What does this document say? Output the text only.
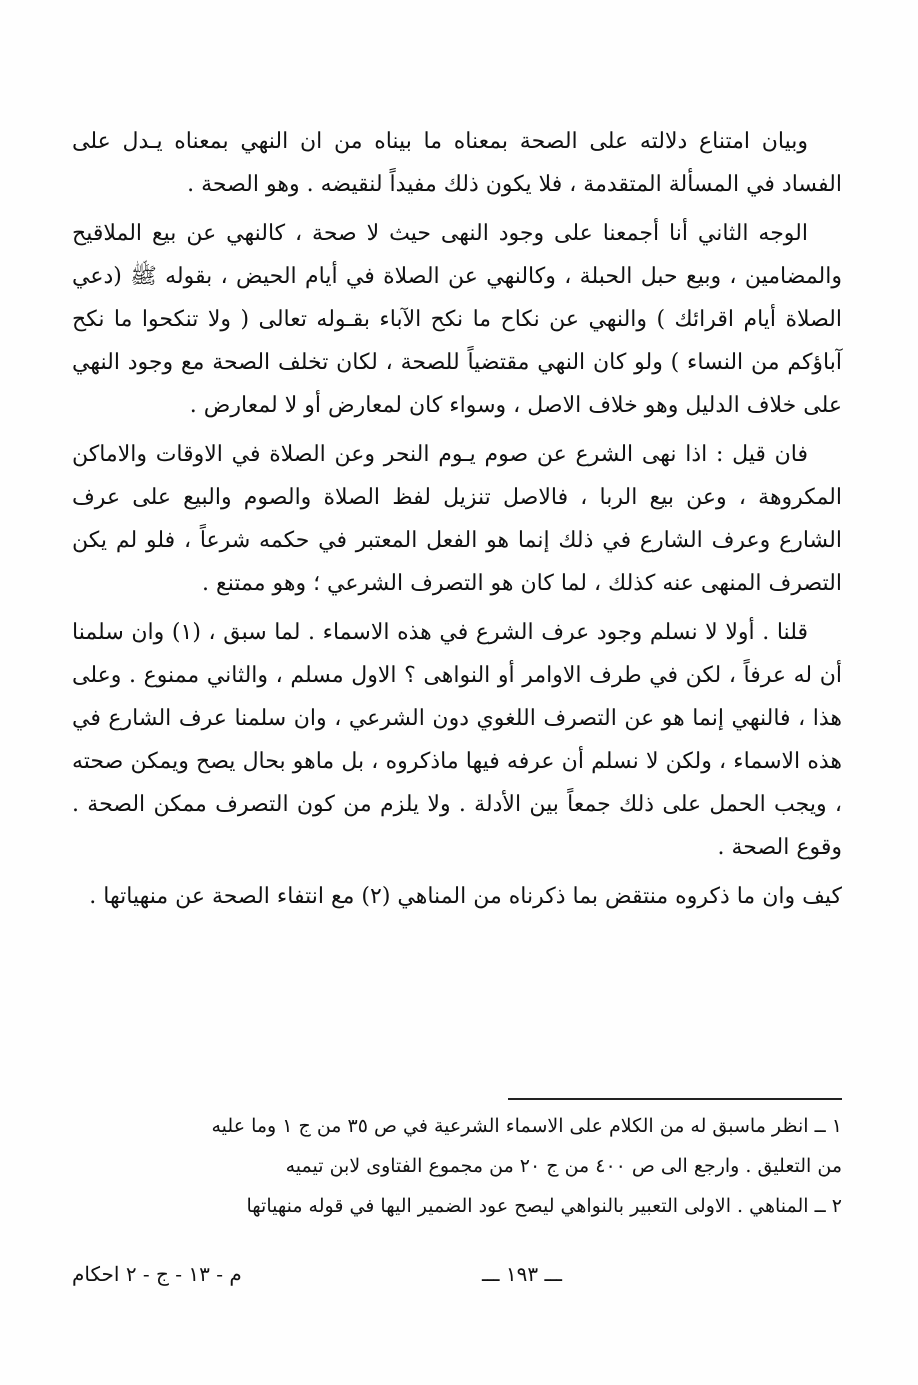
وبيان امتناع دلالته على الصحة بمعناه ما بيناه من ان النهي بمعناه يـدل على الفساد في المسألة المتقدمة ، فلا يكون ذلك مفيداً لنقيضه . وهو الصحة .

الوجه الثاني أنا أجمعنا على وجود النهى حيث لا صحة ، كالنهي عن بيع الملاقيح والمضامين ، وبيع حبل الحبلة ، وكالنهي عن الصلاة في أيام الحيض ، بقوله ﷺ (دعي الصلاة أيام اقرائك ) والنهي عن نكاح ما نكح الآباء بقـوله تعالى ( ولا تنكحوا ما نكح آباؤكم من النساء ) ولو كان النهي مقتضياً للصحة ، لكان تخلف الصحة مع وجود النهي على خلاف الدليل وهو خلاف الاصل ، وسواء كان لمعارض أو لا لمعارض .

فان قيل : اذا نهى الشرع عن صوم يـوم النحر وعن الصلاة في الاوقات والاماكن المكروهة ، وعن بيع الربا ، فالاصل تنزيل لفظ الصلاة والصوم والبيع على عرف الشارع وعرف الشارع في ذلك إنما هو الفعل المعتبر في حكمه شرعاً ، فلو لم يكن التصرف المنهى عنه كذلك ، لما كان هو التصرف الشرعي ؛ وهو ممتنع .

قلنا . أولا لا نسلم وجود عرف الشرع في هذه الاسماء . لما سبق ، (١) وان سلمنا أن له عرفاً ، لكن في طرف الاوامر أو النواهى ؟ الاول مسلم ، والثاني ممنوع . وعلى هذا ، فالنهي إنما هو عن التصرف اللغوي دون الشرعي ، وان سلمنا عرف الشارع في هذه الاسماء ، ولكن لا نسلم أن عرفه فيها ماذكروه ، بل ماهو بحال يصح ويمكن صحته ، ويجب الحمل على ذلك جمعاً بين الأدلة . ولا يلزم من كون التصرف ممكن الصحة . وقوع الصحة .

كيف وان ما ذكروه منتقض بما ذكرناه من المناهي (٢) مع انتفاء الصحة عن منهياتها .

١ ــ انظر ماسبق له من الكلام على الاسماء الشرعية في ص ٣٥ من ج ١ وما عليه

من التعليق . وارجع الى ص ٤٠٠ من ج ٢٠ من مجموع الفتاوى لابن تيميه

٢ ــ المناهي . الاولى التعبير بالنواهي ليصح عود الضمير اليها في قوله منهياتها

ـــ ١٩٣ ـــ
م - ١٣ - ج - ٢ احكام
